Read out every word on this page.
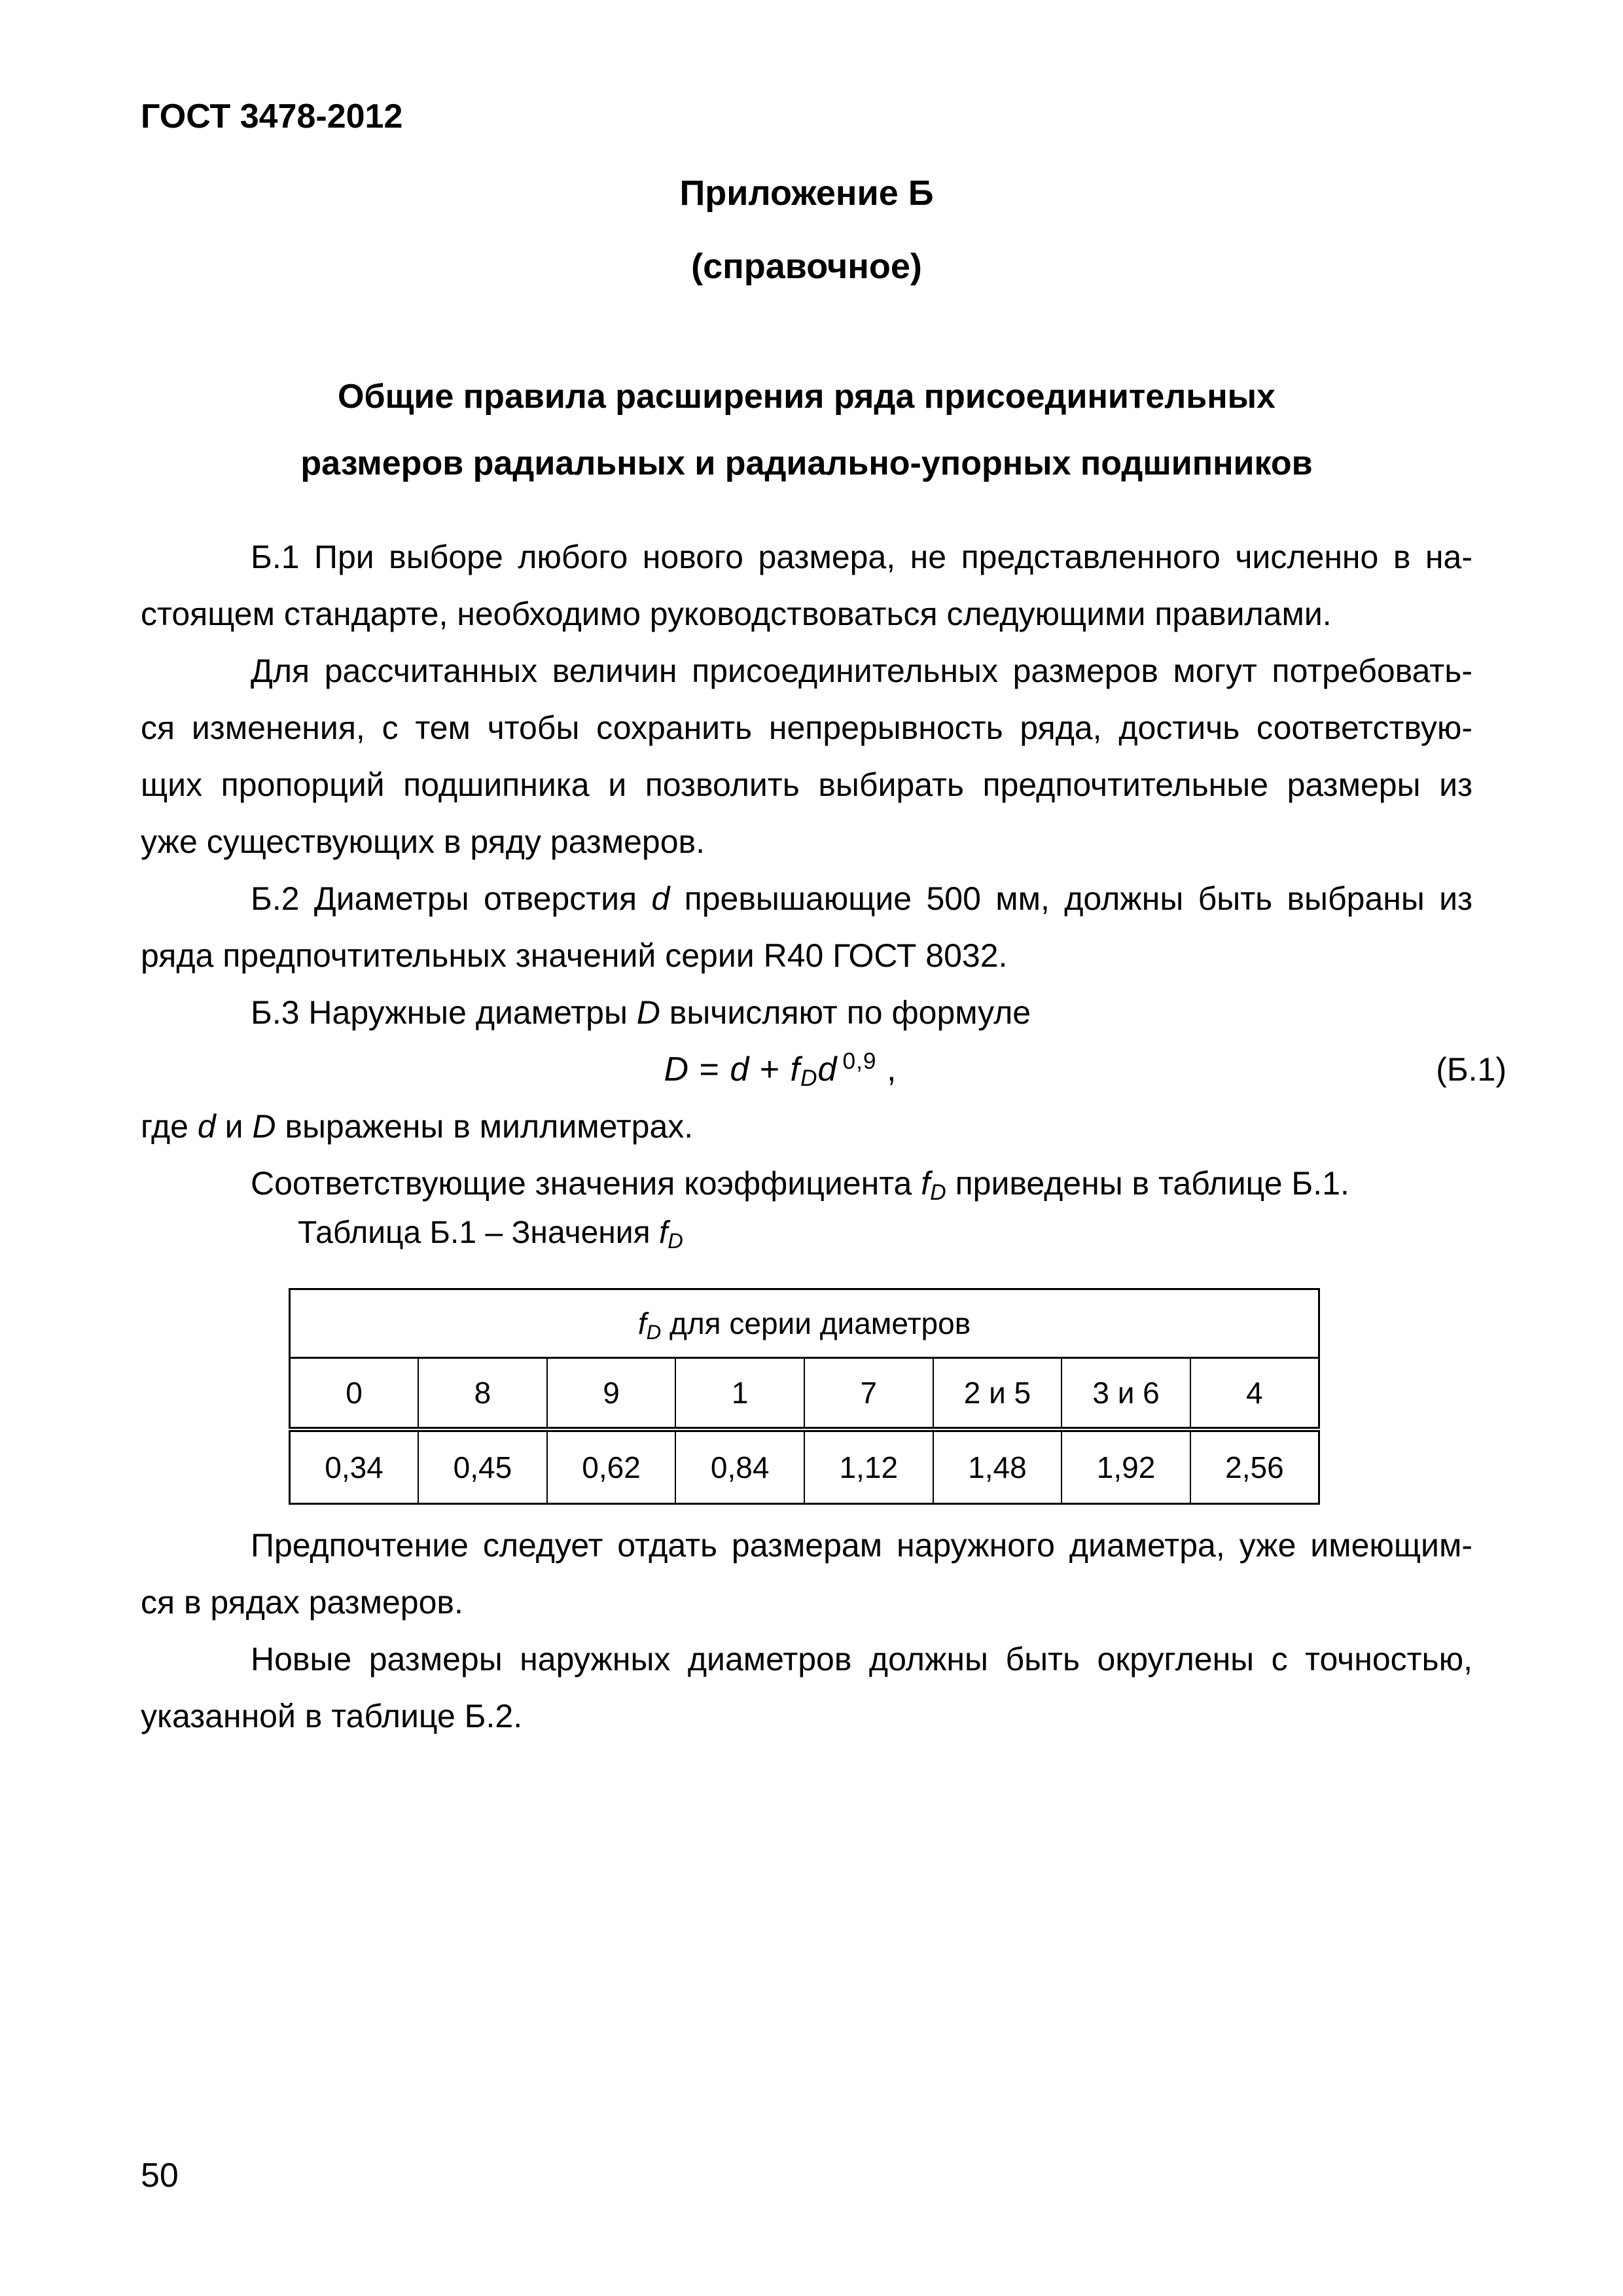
ГОСТ 3478-2012
Приложение Б
(справочное)
Общие правила расширения ряда присоединительных
размеров радиальных и радиально-упорных подшипников
Б.1 При выборе любого нового размера, не представленного численно в на-
стоящем стандарте, необходимо руководствоваться следующими правилами.
Для рассчитанных величин присоединительных размеров могут потребовать-
ся изменения, с тем чтобы сохранить непрерывность ряда, достичь соответствую-
щих пропорций подшипника и позволить выбирать предпочтительные размеры из
уже существующих в ряду размеров.
Б.2 Диаметры отверстия d превышающие 500 мм, должны быть выбраны из
ряда предпочтительных значений серии R40 ГОСТ 8032.
Б.3 Наружные диаметры D вычисляют по формуле
D = d + fDd $^{0,9}$ ,	(Б.1)
где d и D выражены в миллиметрах.
Соответствующие значения коэффициента fD приведены в таблице Б.1.
Таблица Б.1 – Значения fD
fD для серии диаметров							
0	8	9	1	7	2 и 5	3 и 6	4
0,34	0,45	0,62	0,84	1,12	1,48	1,92	2,56
Предпочтение следует отдать размерам наружного диаметра, уже имеющим-
ся в рядах размеров.
Новые размеры наружных диаметров должны быть округлены с точностью,
указанной в таблице Б.2.
50
